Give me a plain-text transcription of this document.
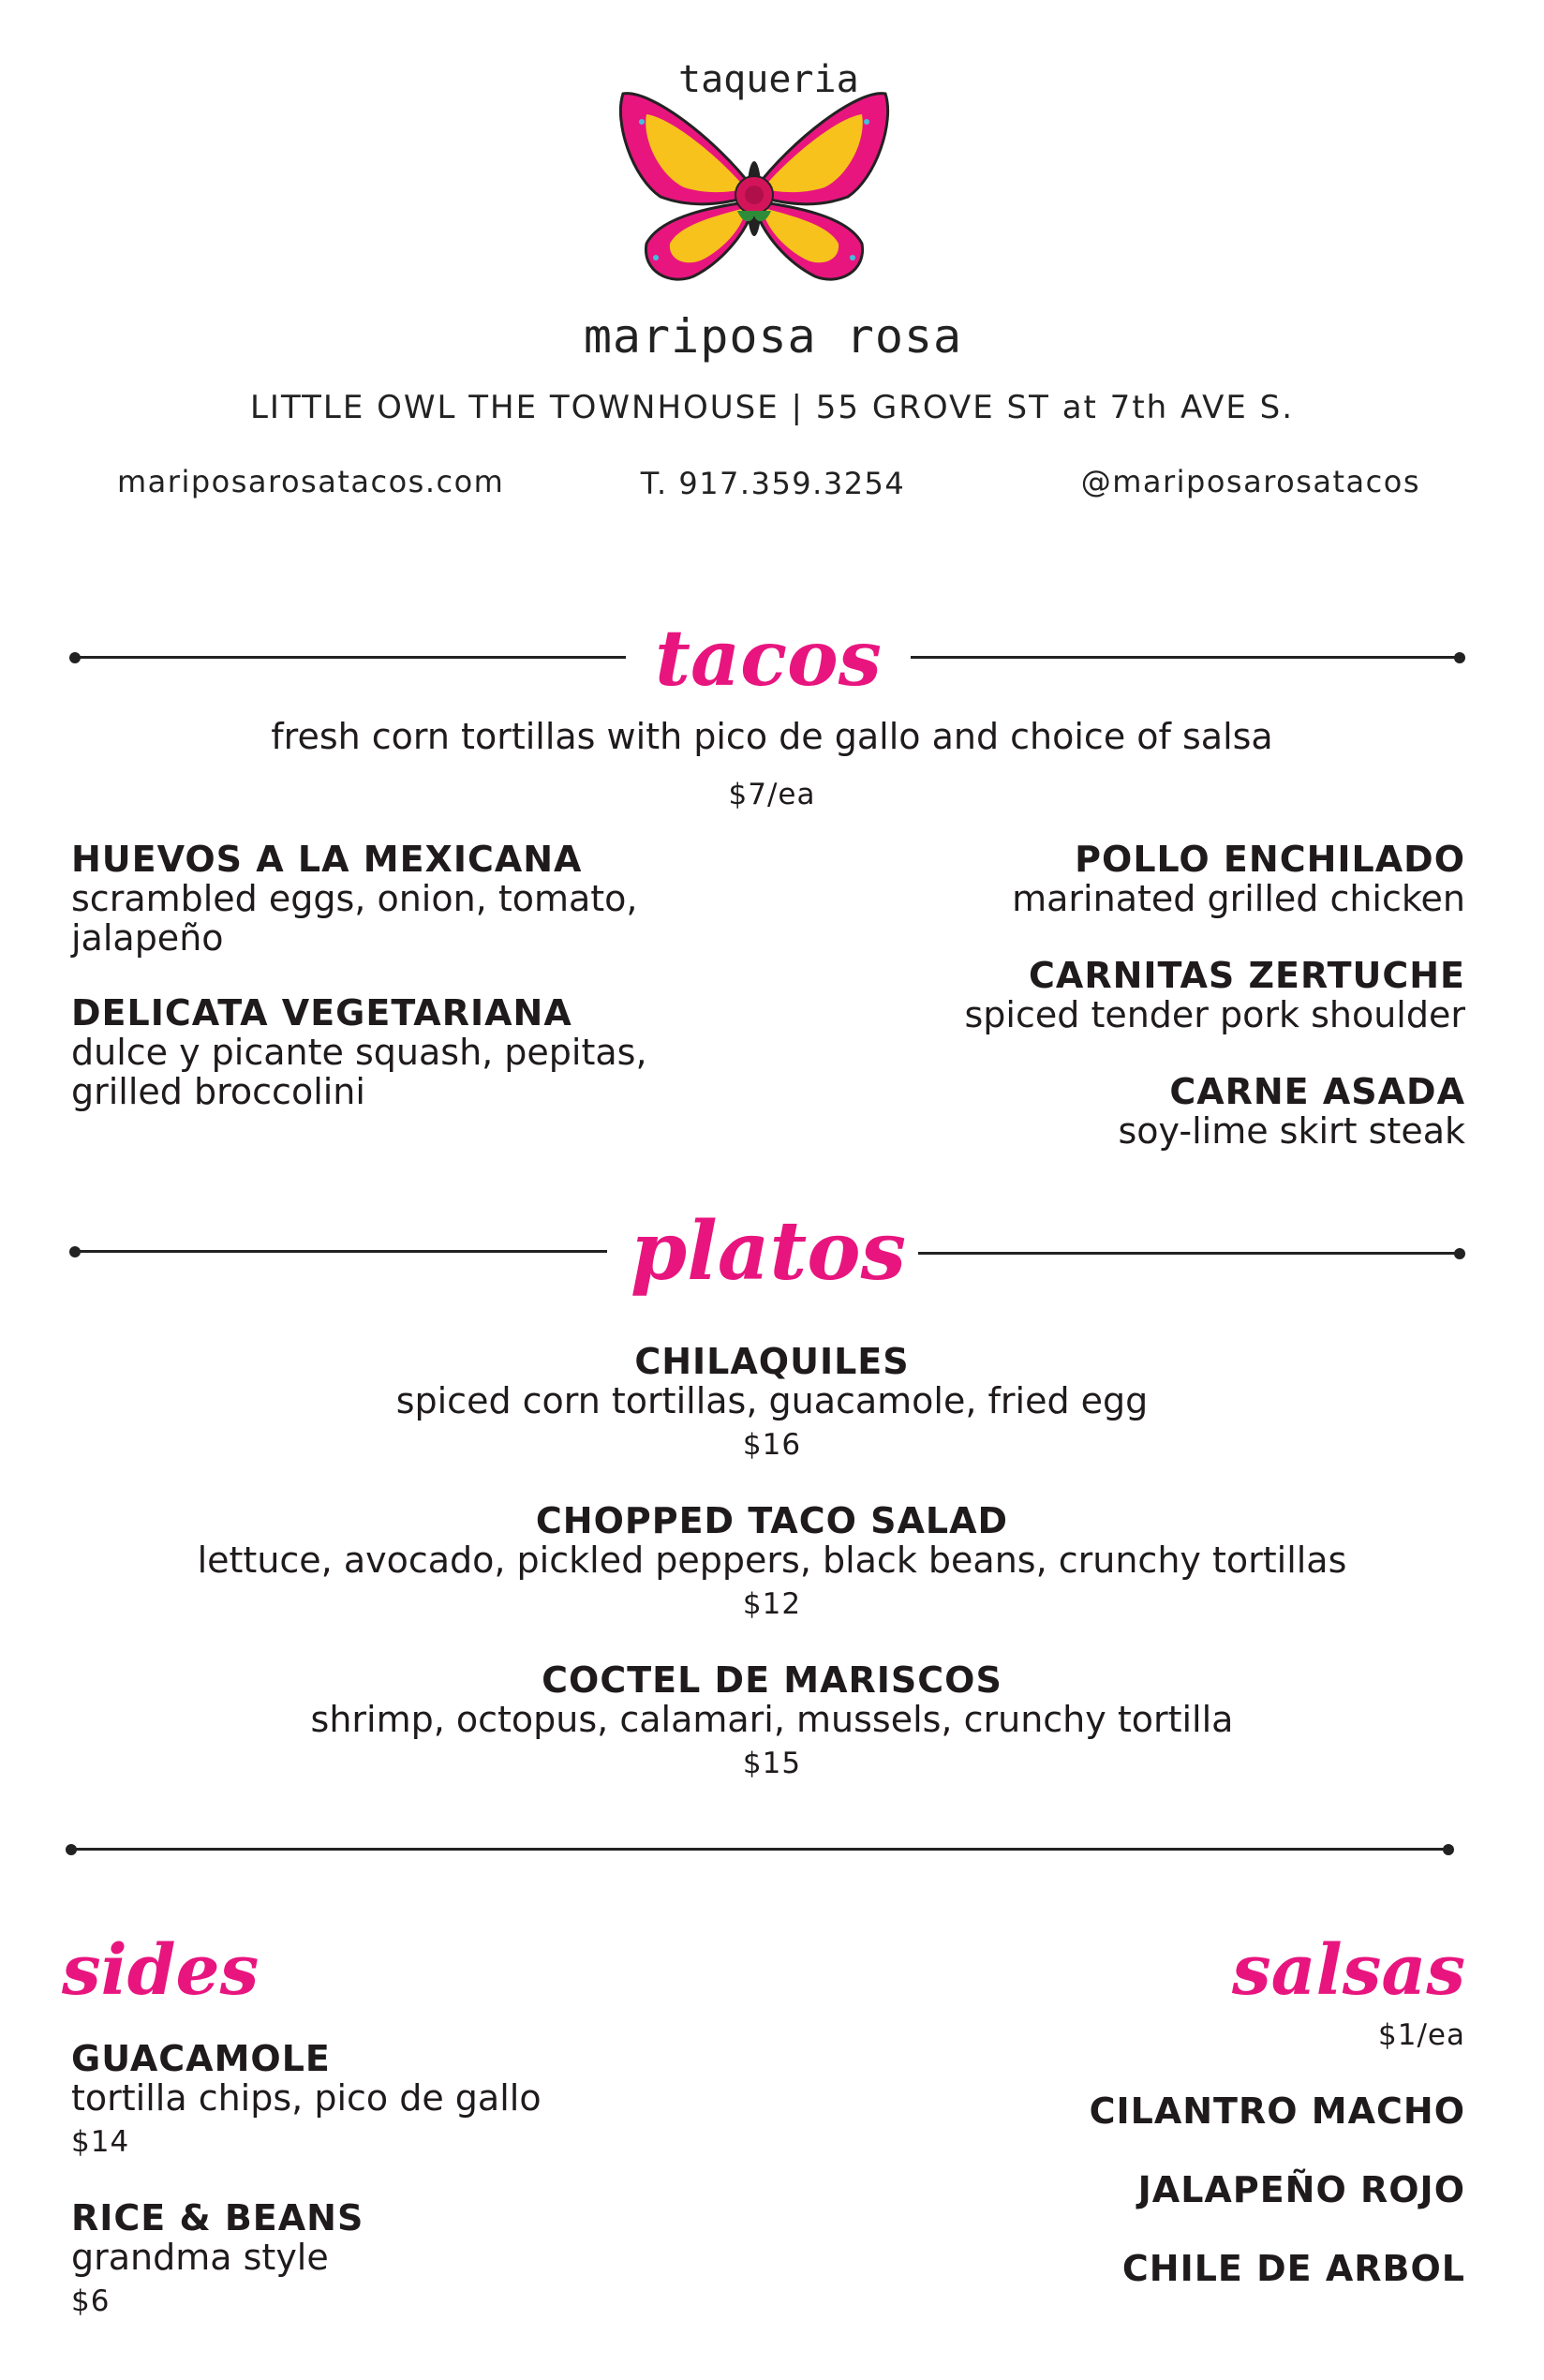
taqueria
mariposa rosa
LITTLE OWL THE TOWNHOUSE | 55 GROVE ST at 7th AVE S.
mariposarosatacos.com	T. 917.359.3254	@mariposarosatacos
tacos
fresh corn tortillas with pico de gallo and choice of salsa
$7/ea
HUEVOS A LA MEXICANA
scrambled eggs, onion, tomato,
jalapeño
DELICATA VEGETARIANA
dulce y picante squash, pepitas,
grilled broccolini
POLLO ENCHILADO
marinated grilled chicken
CARNITAS ZERTUCHE
spiced tender pork shoulder
CARNE ASADA
soy-lime skirt steak
platos
CHILAQUILES
spiced corn tortillas, guacamole, fried egg
$16
CHOPPED TACO SALAD
lettuce, avocado, pickled peppers, black beans, crunchy tortillas
$12
COCTEL DE MARISCOS
shrimp, octopus, calamari, mussels, crunchy tortilla
$15
sides
GUACAMOLE
tortilla chips, pico de gallo
$14
RICE & BEANS
grandma style
$6
salsas
$1/ea
CILANTRO MACHO
JALAPEÑO ROJO
CHILE DE ARBOL
